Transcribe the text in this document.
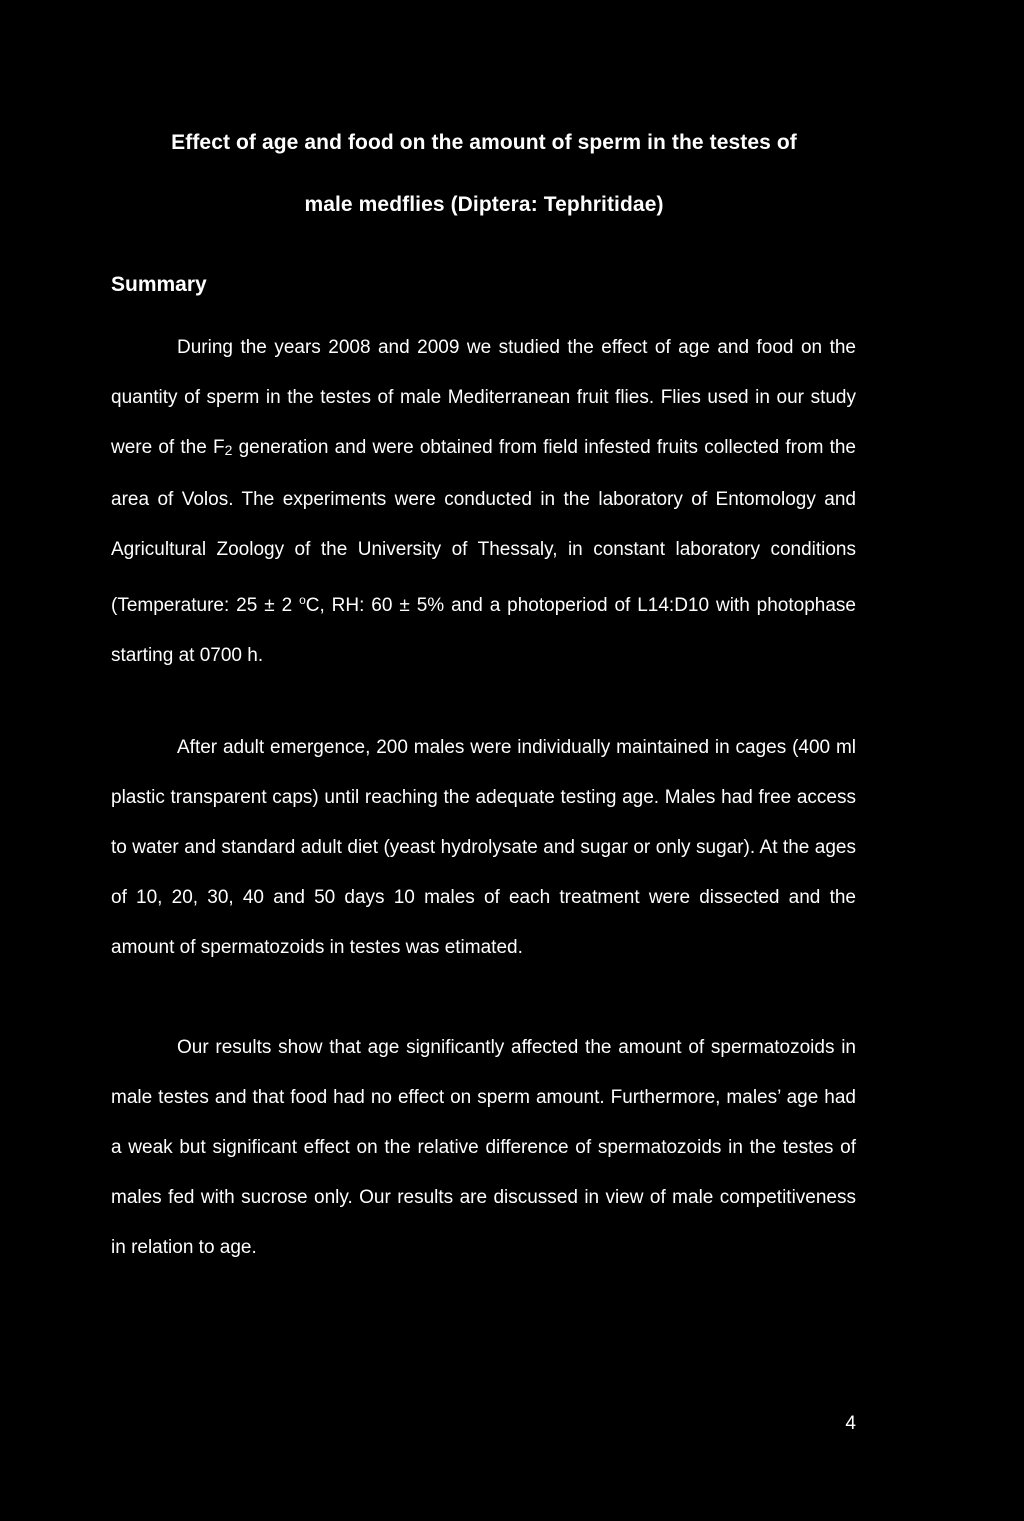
Effect of age and food on the amount of sperm in the testes of
male medflies (Diptera: Tephritidae)
Summary

During the years 2008 and 2009 we studied the effect of age and food on the quantity of sperm in the testes of male Mediterranean fruit flies. Flies used in our study were of the $F_2$ generation and were obtained from field infested fruits collected from the area of Volos. The experiments were conducted in the laboratory of Entomology and Agricultural Zoology of the University of Thessaly, in constant laboratory conditions (Temperature: 25 ± 2 $^o$C, RH: 60 ± 5% and a photoperiod of L14:D10 with photophase starting at 0700 h.

After adult emergence, 200 males were individually maintained in cages (400 ml plastic transparent caps) until reaching the adequate testing age. Males had free access to water and standard adult diet (yeast hydrolysate and sugar or only sugar). At the ages of 10, 20, 30, 40 and 50 days 10 males of each treatment were dissected and the amount of spermatozoids in testes was etimated.

Our results show that age significantly affected the amount of spermatozoids in male testes and that food had no effect on sperm amount. Furthermore, males’ age had a weak but significant effect on the relative difference of spermatozoids in the testes of males fed with sucrose only. Our results are discussed in view of male competitiveness in relation to age.

4
